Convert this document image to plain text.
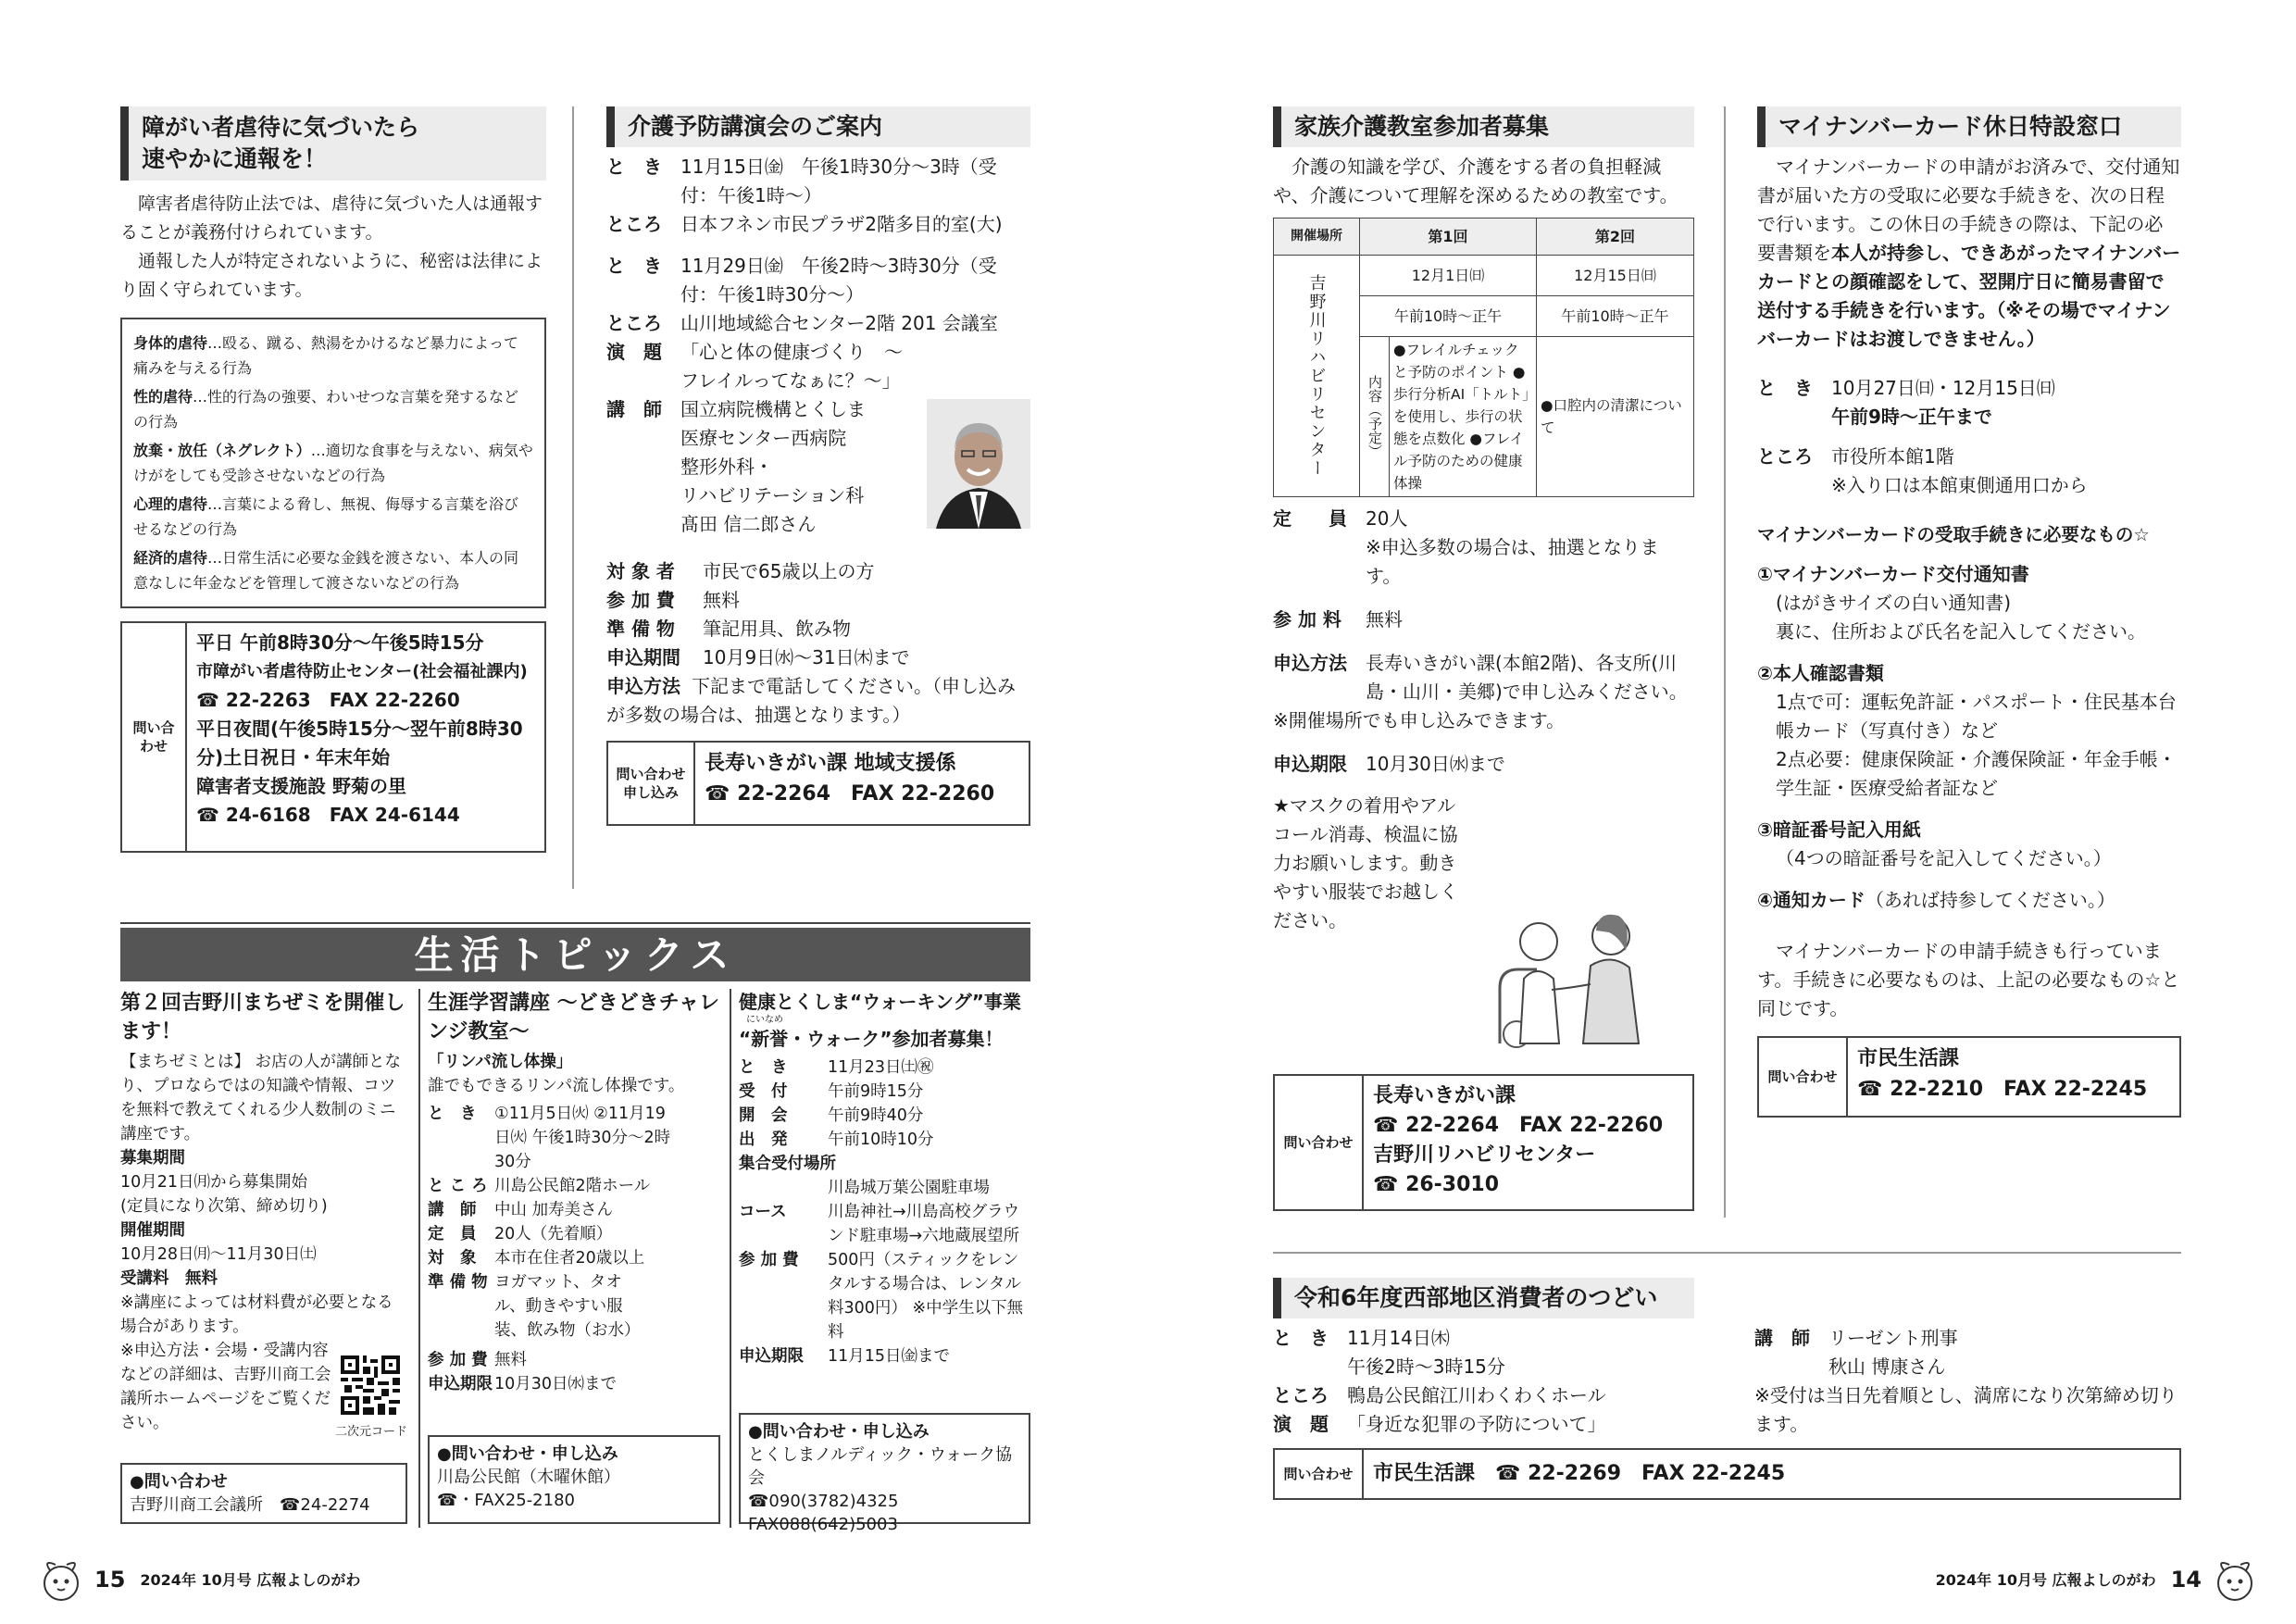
障がい者虐待に気づいたら
速やかに通報を！

障害者虐待防止法では、虐待に気づいた人は通報することが義務付けられています。

通報した人が特定されないように、秘密は法律により固く守られています。

身体的虐待…殴る、蹴る、熱湯をかけるなど暴力によって痛みを与える行為
性的虐待…性的行為の強要、わいせつな言葉を発するなどの行為
放棄・放任（ネグレクト）…適切な食事を与えない、病気やけがをしても受診させないなどの行為
心理的虐待…言葉による脅し、無視、侮辱する言葉を浴びせるなどの行為
経済的虐待…日常生活に必要な金銭を渡さない、本人の同意なしに年金などを管理して渡さないなどの行為
問い合わせ
平日 午前8時30分～午後5時15分
市障がい者虐待防止センター(社会福祉課内)
☎ 22-2263　FAX 22-2260
平日夜間(午後5時15分～翌午前8時30分)土日祝日・年末年始
障害者支援施設 野菊の里
☎ 24-6168　FAX 24-6144
介護予防講演会のご案内
と　き	11月15日㈮　午後1時30分～3時（受付：午後1時～）
ところ	日本フネン市民プラザ2階多目的室(大)
と　き	11月29日㈮　午後2時～3時30分（受付：午後1時30分～）
ところ	山川地域総合センター2階 201 会議室
演　題	「心と体の健康づくり　～フレイルってなぁに？～」
講　師	国立病院機構とくしま
医療センター西病院
整形外科・
リハビリテーション科
髙田 信二郎さん
対 象 者	市民で65歳以上の方
参 加 費	無料
準 備 物	筆記用具、飲み物
申込期間	10月9日㈬～31日㈭まで
申込方法 下記まで電話してください。（申し込みが多数の場合は、抽選となります。）
問い合わせ 申し込み
長寿いきがい課 地域支援係
☎ 22-2264　FAX 22-2260
生活トピックス
第２回吉野川まちぜミを開催します！
【まちゼミとは】 お店の人が講師となり、プロならではの知識や情報、コツを無料で教えてくれる少人数制のミニ講座です。
募集期間
10月21日㈪から募集開始
(定員になり次第、締め切り)
開催期間
10月28日㈪～11月30日㈯
受講料　無料
※講座によっては材料費が必要となる場合があります。
※申込方法・会場・受講内容などの詳細は、吉野川商工会議所ホームページをご覧ください。	二次元コード
●問い合わせ
吉野川商工会議所　☎24-2274
生涯学習講座 ～どきどきチャレンジ教室～
「リンパ流し体操」
誰でもできるリンパ流し体操です。
と　き	①11月5日㈫ ②11月19日㈫ 午後1時30分～2時30分
と こ ろ 川島公民館2階ホール
講　師	中山 加寿美さん
定　員	20人（先着順）
対　象	本市在住者20歳以上
準 備 物 ヨガマット、タオル、動きやすい服装、飲み物（お水）
参 加 費 無料
申込期限 10月30日㈬まで
●問い合わせ・申し込み
川島公民館（木曜休館）
☎・FAX25-2180
健康とくしま“ウォーキング”事業
にいなめ
“新誉・ウォーク”参加者募集！
と　き	11月23日㈯㊗
受　付	午前9時15分
開　会	午前9時40分
出　発	午前10時10分
集合受付場所
川島城万葉公園駐車場
コース	川島神社→川島高校グラウンド駐車場→六地蔵展望所
参 加 費	500円（スティックをレンタルする場合は、レンタル料300円） ※中学生以下無料
申込期限	11月15日㈮まで
●問い合わせ・申し込み
とくしまノルディック・ウォーク協会
☎090(3782)4325
FAX088(642)5003
15 2024年 10月号 広報よしのがわ
家族介護教室参加者募集

介護の知識を学び、介護をする者の負担軽減や、介護について理解を深めるための教室です。

開催場所	第1回		第2回

吉野川リハビリセンター	12月1日㈰		12月15日㈰
	午前10時～正午		午前10時～正午

	内容（予定）	●フレイルチェックと予防のポイント ●歩行分析AI「トルト」を使用し、歩行の状態を点数化 ●フレイル予防のための健康体操	●口腔内の清潔について
定　　員	20人
※申込多数の場合は、抽選となります。
参 加 料	無料
申込方法	長寿いきがい課(本館2階)、各支所(川島・山川・美郷)で申し込みください。
※開催場所でも申し込みできます。
申込期限	10月30日㈬まで
★マスクの着用やアルコール消毒、検温に協力お願いします。動きやすい服装でお越しください。
問い合わせ
長寿いきがい課
☎ 22-2264　FAX 22-2260
吉野川リハビリセンター
☎ 26-3010
マイナンバーカード休日特設窓口

マイナンバーカードの申請がお済みで、交付通知書が届いた方の受取に必要な手続きを、次の日程で行います。この休日の手続きの際は、下記の必要書類を本人が持参し、できあがったマイナンバーカードとの顔確認をして、翌開庁日に簡易書留で送付する手続きを行います。（※その場でマイナンバーカードはお渡しできません。）

と　き	10月27日㈰・12月15日㈰
午前9時～正午まで
ところ	市役所本館1階
※入り口は本館東側通用口から
マイナンバーカードの受取手続きに必要なもの☆
①マイナンバーカード交付通知書
(はがきサイズの白い通知書)
裏に、住所および氏名を記入してください。
②本人確認書類
1点で可：運転免許証・パスポート・住民基本台帳カード（写真付き）など
2点必要：健康保険証・介護保険証・年金手帳・学生証・医療受給者証など
③暗証番号記入用紙
（4つの暗証番号を記入してください。）
④通知カード（あれば持参してください。）

マイナンバーカードの申請手続きも行っています。手続きに必要なものは、上記の必要なもの☆と同じです。

問い合わせ
市民生活課
☎ 22-2210　FAX 22-2245
令和6年度西部地区消費者のつどい
と　き	11月14日㈭
午後2時～3時15分
ところ	鴨島公民館江川わくわくホール
演　題	「身近な犯罪の予防について」
講　師	リーゼント刑事
秋山 博康さん
※受付は当日先着順とし、満席になり次第締め切ります。
問い合わせ 市民生活課　☎ 22-2269　FAX 22-2245
2024年 10月号 広報よしのがわ 14
